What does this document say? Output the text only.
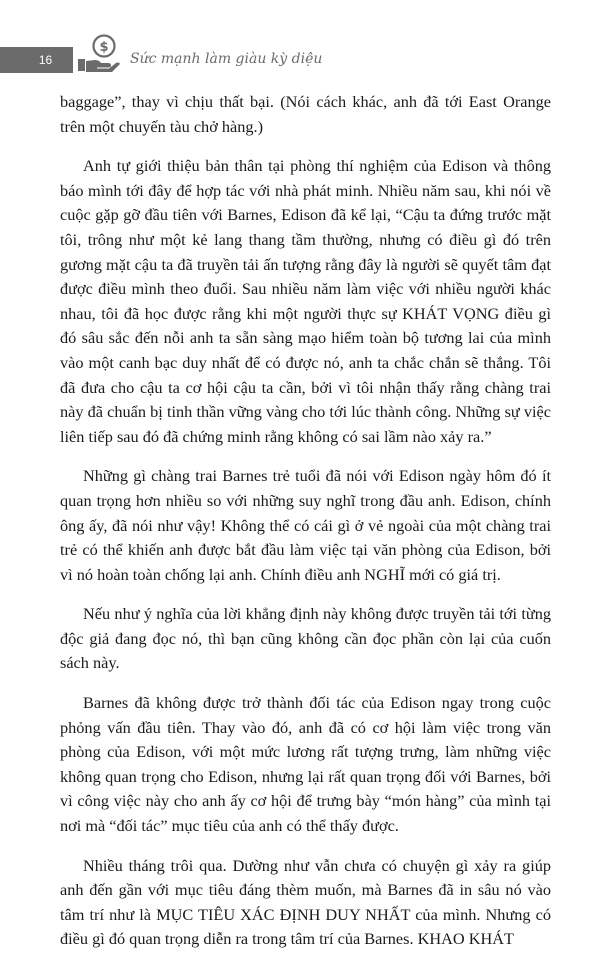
16
$
Sức mạnh làm giàu kỳ diệu

baggage”, thay vì chịu thất bại. (Nói cách khác, anh đã tới East Orange trên một chuyến tàu chở hàng.)

Anh tự giới thiệu bản thân tại phòng thí nghiệm của Edison và thông báo mình tới đây để hợp tác với nhà phát minh. Nhiều năm sau, khi nói về cuộc gặp gỡ đầu tiên với Barnes, Edison đã kể lại, “Cậu ta đứng trước mặt tôi, trông như một kẻ lang thang tầm thường, nhưng có điều gì đó trên gương mặt cậu ta đã truyền tải ấn tượng rằng đây là người sẽ quyết tâm đạt được điều mình theo đuổi. Sau nhiều năm làm việc với nhiều người khác nhau, tôi đã học được rằng khi một người thực sự KHÁT VỌNG điều gì đó sâu sắc đến nỗi anh ta sẵn sàng mạo hiểm toàn bộ tương lai của mình vào một canh bạc duy nhất để có được nó, anh ta chắc chắn sẽ thắng. Tôi đã đưa cho cậu ta cơ hội cậu ta cần, bởi vì tôi nhận thấy rằng chàng trai này đã chuẩn bị tinh thần vững vàng cho tới lúc thành công. Những sự việc liên tiếp sau đó đã chứng minh rằng không có sai lầm nào xảy ra.”

Những gì chàng trai Barnes trẻ tuổi đã nói với Edison ngày hôm đó ít quan trọng hơn nhiều so với những suy nghĩ trong đầu anh. Edison, chính ông ấy, đã nói như vậy! Không thể có cái gì ở vẻ ngoài của một chàng trai trẻ có thể khiến anh được bắt đầu làm việc tại văn phòng của Edison, bởi vì nó hoàn toàn chống lại anh. Chính điều anh NGHĨ mới có giá trị.

Nếu như ý nghĩa của lời khẳng định này không được truyền tải tới từng độc giả đang đọc nó, thì bạn cũng không cần đọc phần còn lại của cuốn sách này.

Barnes đã không được trở thành đối tác của Edison ngay trong cuộc phỏng vấn đầu tiên. Thay vào đó, anh đã có cơ hội làm việc trong văn phòng của Edison, với một mức lương rất tượng trưng, làm những việc không quan trọng cho Edison, nhưng lại rất quan trọng đối với Barnes, bởi vì công việc này cho anh ấy cơ hội để trưng bày “món hàng” của mình tại nơi mà “đối tác” mục tiêu của anh có thể thấy được.

Nhiều tháng trôi qua. Dường như vẫn chưa có chuyện gì xảy ra giúp anh đến gần với mục tiêu đáng thèm muốn, mà Barnes đã in sâu nó vào tâm trí như là MỤC TIÊU XÁC ĐỊNH DUY NHẤT của mình. Nhưng có điều gì đó quan trọng diễn ra trong tâm trí của Barnes. KHAO KHÁT
